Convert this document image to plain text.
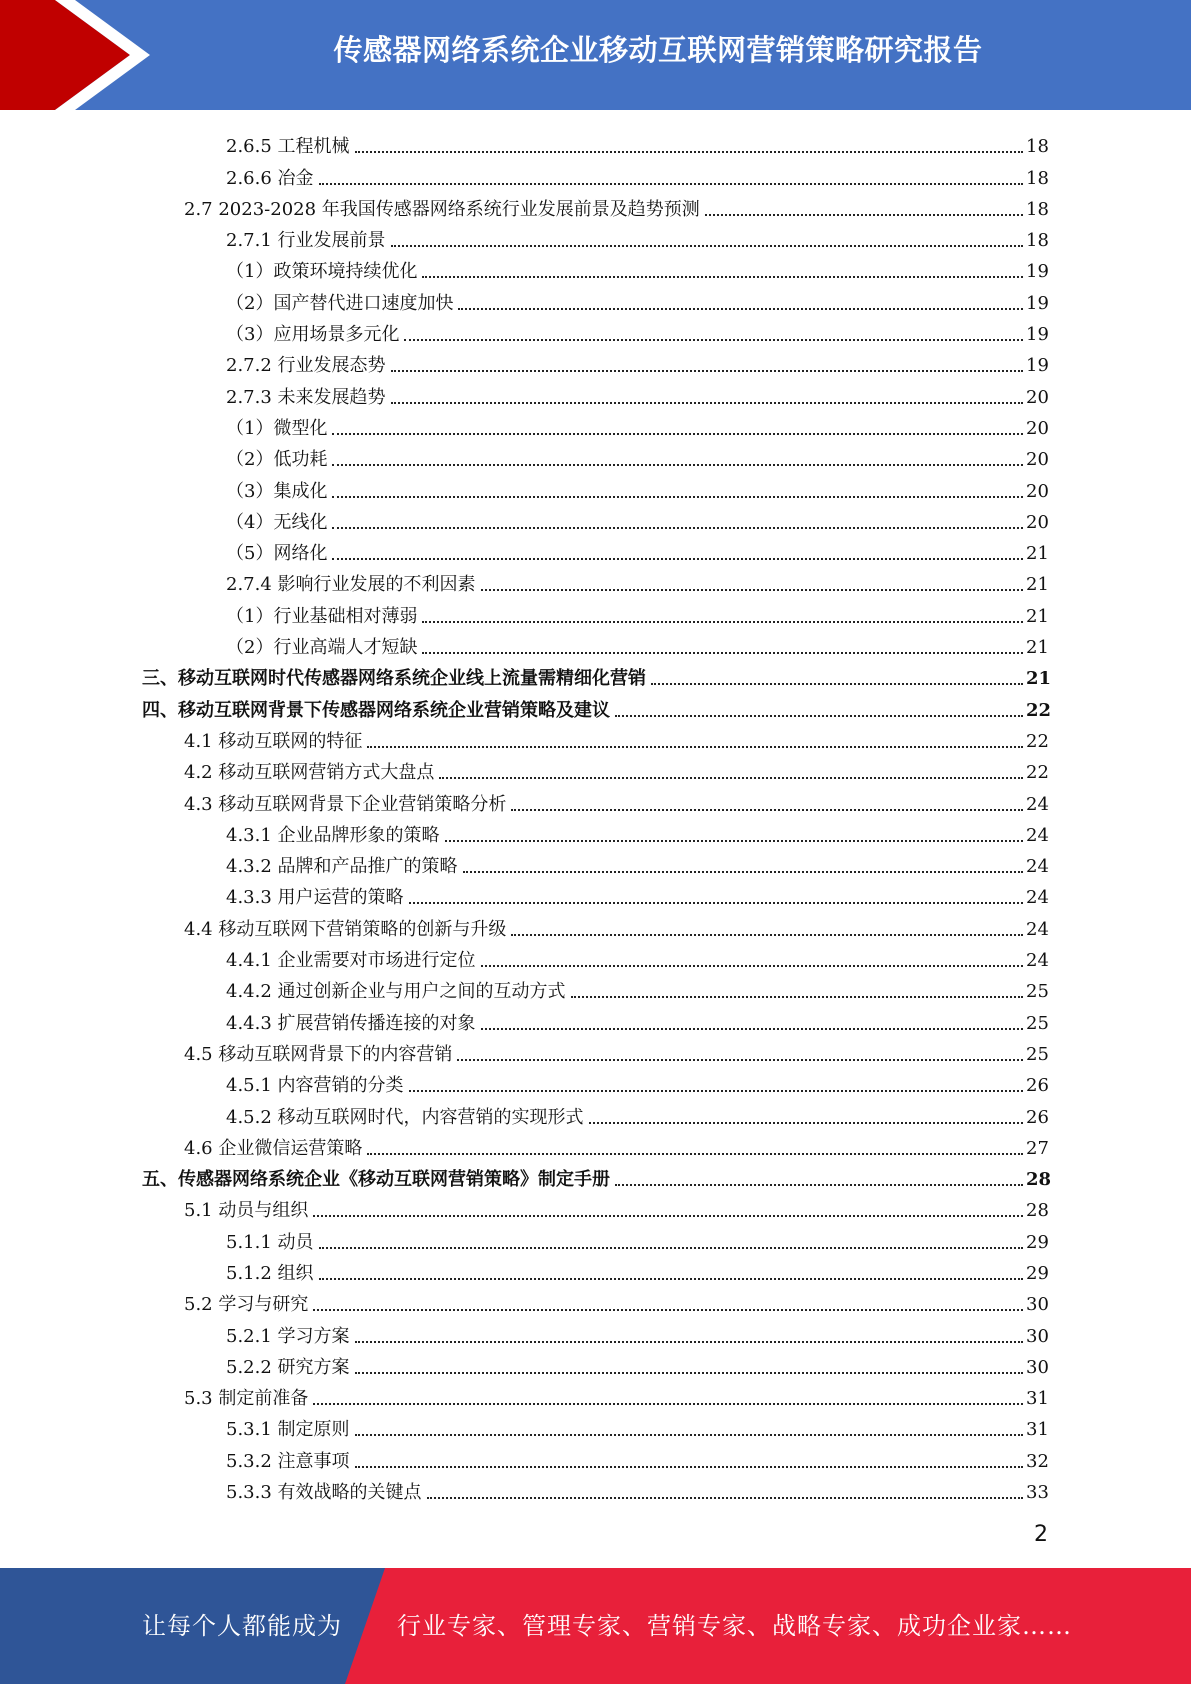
传感器网络系统企业移动互联网营销策略研究报告
2.6.5 工程机械	18
2.6.6 冶金	18
2.7 2023-2028 年我国传感器网络系统行业发展前景及趋势预测	18
2.7.1 行业发展前景	18
（1）政策环境持续优化	19
（2）国产替代进口速度加快	19
（3）应用场景多元化	19
2.7.2 行业发展态势	19
2.7.3 未来发展趋势	20
（1）微型化	20
（2）低功耗	20
（3）集成化	20
（4）无线化	20
（5）网络化	21
2.7.4 影响行业发展的不利因素	21
（1）行业基础相对薄弱	21
（2）行业高端人才短缺	21
三、移动互联网时代传感器网络系统企业线上流量需精细化营销	21
四、移动互联网背景下传感器网络系统企业营销策略及建议	22
4.1 移动互联网的特征	22
4.2 移动互联网营销方式大盘点	22
4.3 移动互联网背景下企业营销策略分析	24
4.3.1 企业品牌形象的策略	24
4.3.2 品牌和产品推广的策略	24
4.3.3 用户运营的策略	24
4.4 移动互联网下营销策略的创新与升级	24
4.4.1 企业需要对市场进行定位	24
4.4.2 通过创新企业与用户之间的互动方式	25
4.4.3 扩展营销传播连接的对象	25
4.5 移动互联网背景下的内容营销	25
4.5.1 内容营销的分类	26
4.5.2 移动互联网时代，内容营销的实现形式	26
4.6 企业微信运营策略	27
五、传感器网络系统企业《移动互联网营销策略》制定手册	28
5.1 动员与组织	28
5.1.1 动员	29
5.1.2 组织	29
5.2 学习与研究	30
5.2.1 学习方案	30
5.2.2 研究方案	30
5.3 制定前准备	31
5.3.1 制定原则	31
5.3.2 注意事项	32
5.3.3 有效战略的关键点	33
2
让每个人都能成为 行业专家、管理专家、营销专家、战略专家、成功企业家……
